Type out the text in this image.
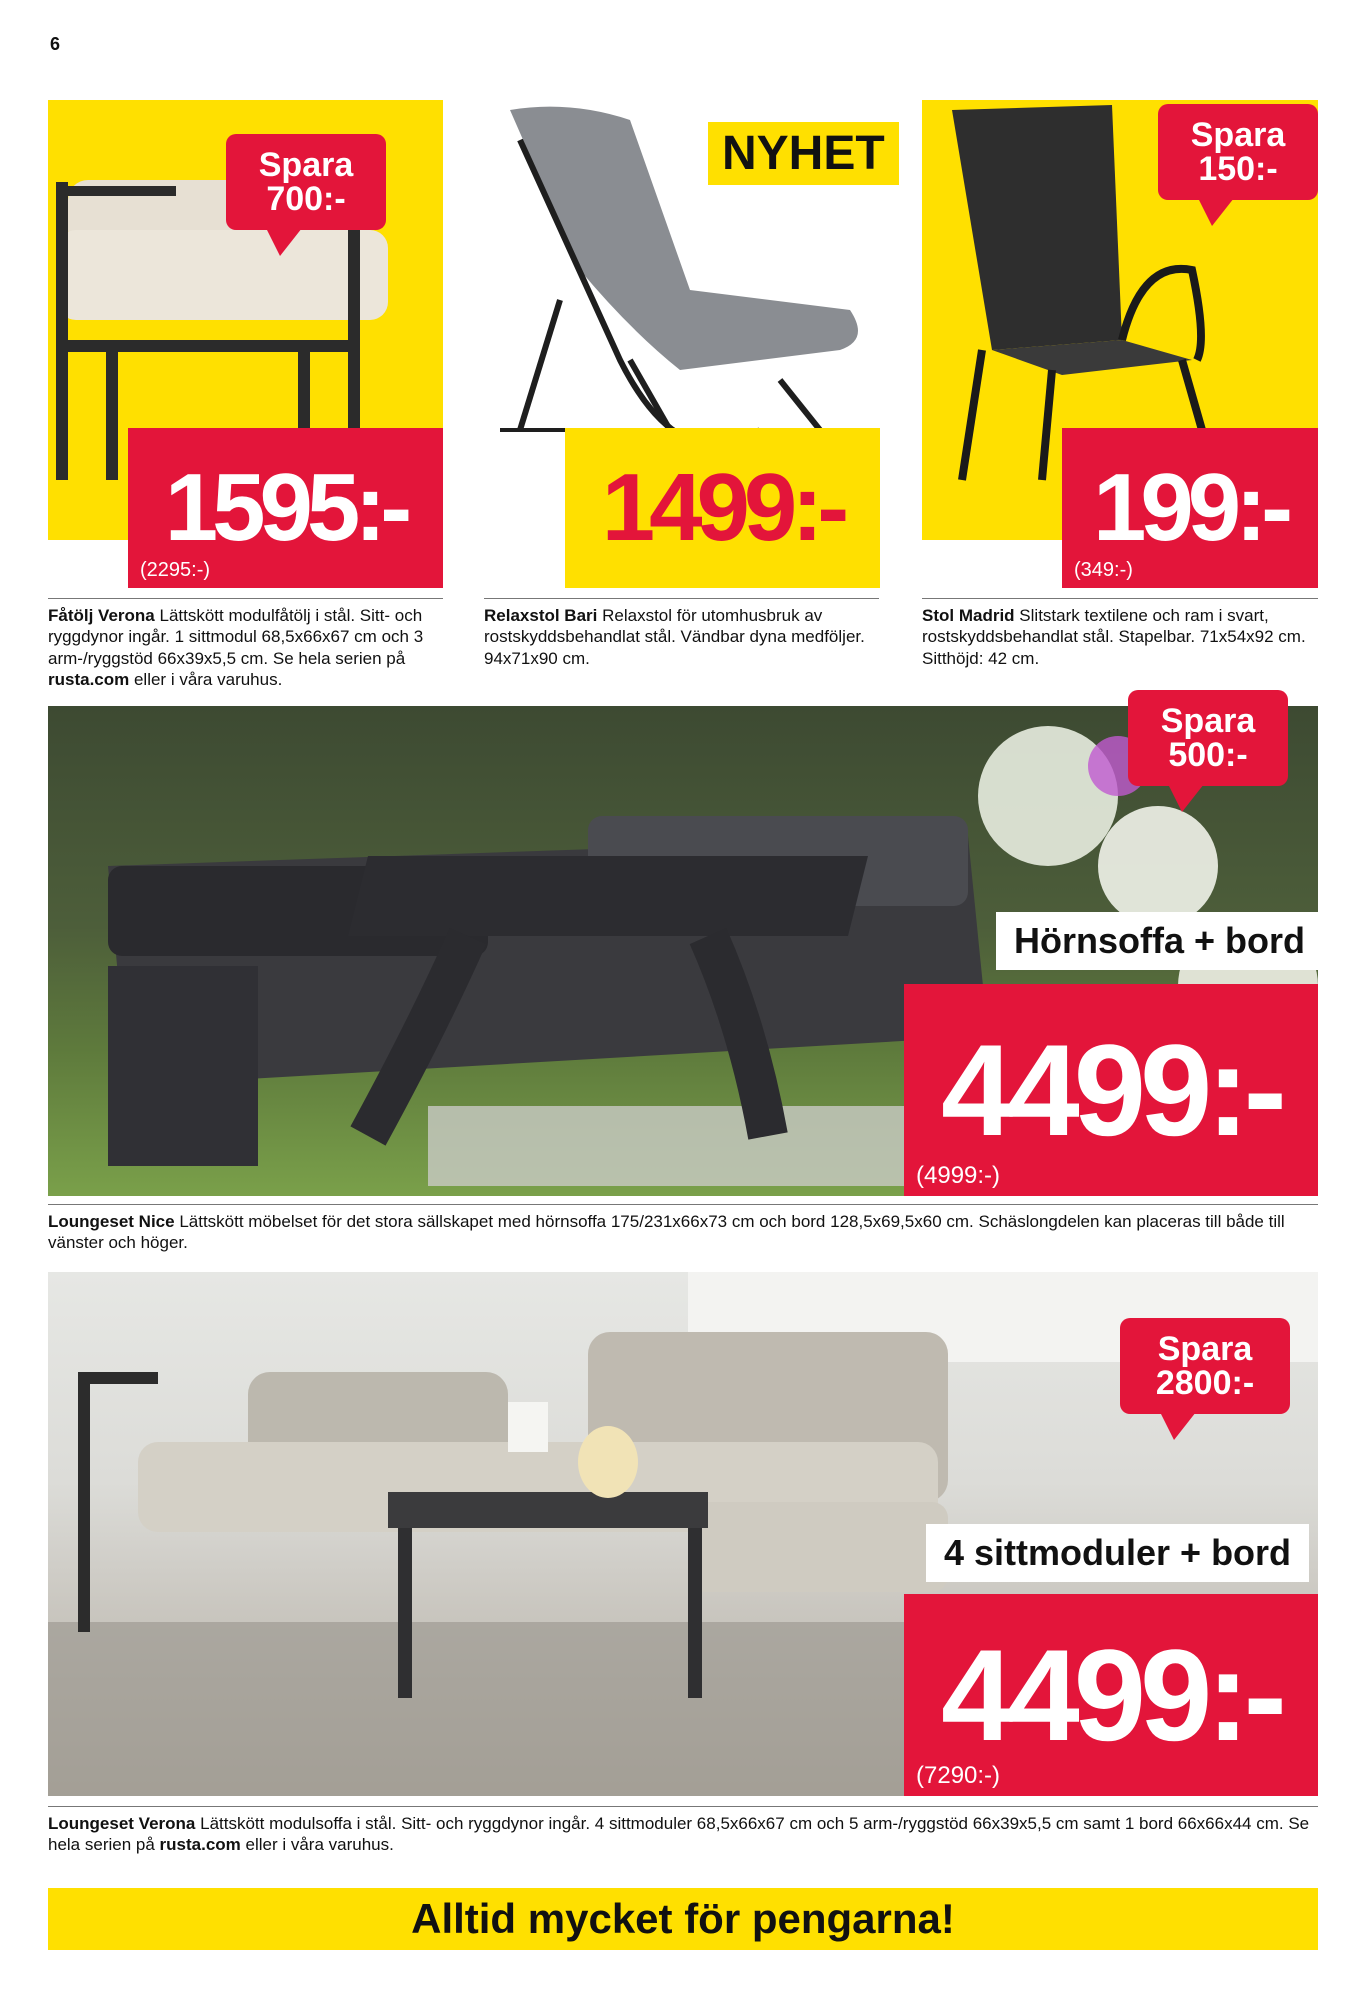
6
Spara
700:-
1595:-
(2295:-)
Fåtölj Verona Lättskött modulfåtölj i stål. Sitt- och ryggdynor ingår. 1 sittmodul 68,5x66x67 cm och 3 arm-/ryggstöd 66x39x5,5 cm. Se hela serien på rusta.com eller i våra varuhus.
NYHET
1499:-
Relaxstol Bari Relaxstol för utomhusbruk av rostskyddsbehandlat stål. Vändbar dyna medföljer. 94x71x90 cm.
Spara
150:-
199:-
(349:-)
Stol Madrid Slitstark textilene och ram i svart, rostskyddsbehandlat stål. Stapelbar. 71x54x92 cm. Sitthöjd: 42 cm.
Spara
500:-
Hörnsoffa + bord
4499:-
(4999:-)
Loungeset Nice Lättskött möbelset för det stora sällskapet med hörnsoffa 175/231x66x73 cm och bord 128,5x69,5x60 cm. Schäslongdelen kan placeras till både till vänster och höger.
Spara
2800:-
4 sittmoduler + bord
4499:-
(7290:-)
Loungeset Verona Lättskött modulsoffa i stål. Sitt- och ryggdynor ingår. 4 sittmoduler 68,5x66x67 cm och 5 arm-/ryggstöd 66x39x5,5 cm samt 1 bord 66x66x44 cm. Se hela serien på rusta.com eller i våra varuhus.
Alltid mycket för pengarna!
